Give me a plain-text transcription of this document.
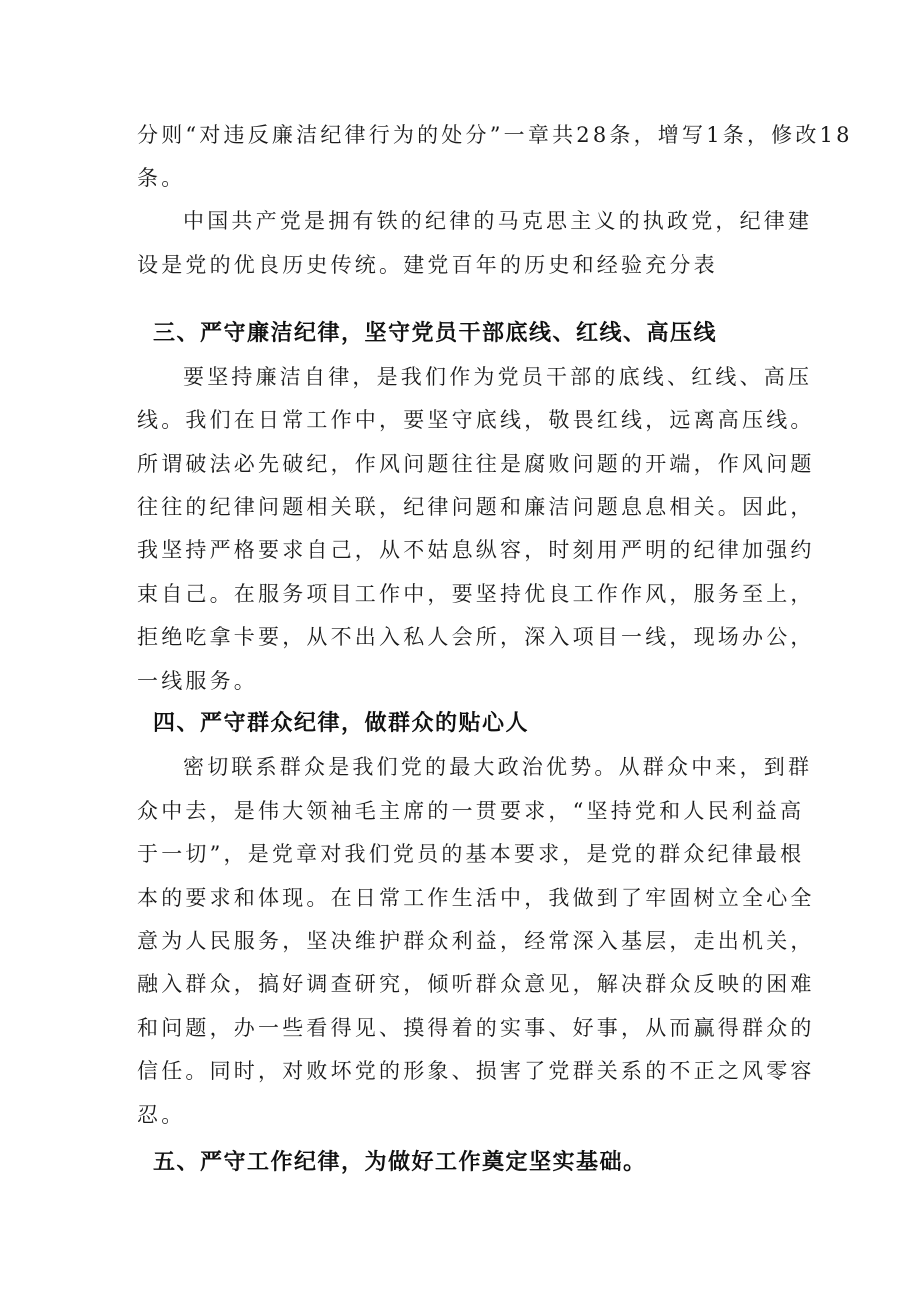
分则“对违反廉洁纪律行为的处分”一章共28条，增写1条，修改18

条。

中国共产党是拥有铁的纪律的马克思主义的执政党，纪律建

设是党的优良历史传统。建党百年的历史和经验充分表

三、严守廉洁纪律，坚守党员干部底线、红线、高压线

要坚持廉洁自律，是我们作为党员干部的底线、红线、高压

线。我们在日常工作中，要坚守底线，敬畏红线，远离高压线。

所谓破法必先破纪，作风问题往往是腐败问题的开端，作风问题

往往的纪律问题相关联，纪律问题和廉洁问题息息相关。因此，

我坚持严格要求自己，从不姑息纵容，时刻用严明的纪律加强约

束自己。在服务项目工作中，要坚持优良工作作风，服务至上，

拒绝吃拿卡要，从不出入私人会所，深入项目一线，现场办公，

一线服务。

四、严守群众纪律，做群众的贴心人

密切联系群众是我们党的最大政治优势。从群众中来，到群

众中去，是伟大领袖毛主席的一贯要求，“坚持党和人民利益高

于一切”，是党章对我们党员的基本要求，是党的群众纪律最根

本的要求和体现。在日常工作生活中，我做到了牢固树立全心全

意为人民服务，坚决维护群众利益，经常深入基层，走出机关，

融入群众，搞好调查研究，倾听群众意见，解决群众反映的困难

和问题，办一些看得见、摸得着的实事、好事，从而赢得群众的

信任。同时，对败坏党的形象、损害了党群关系的不正之风零容

忍。

五、严守工作纪律，为做好工作奠定坚实基础。
